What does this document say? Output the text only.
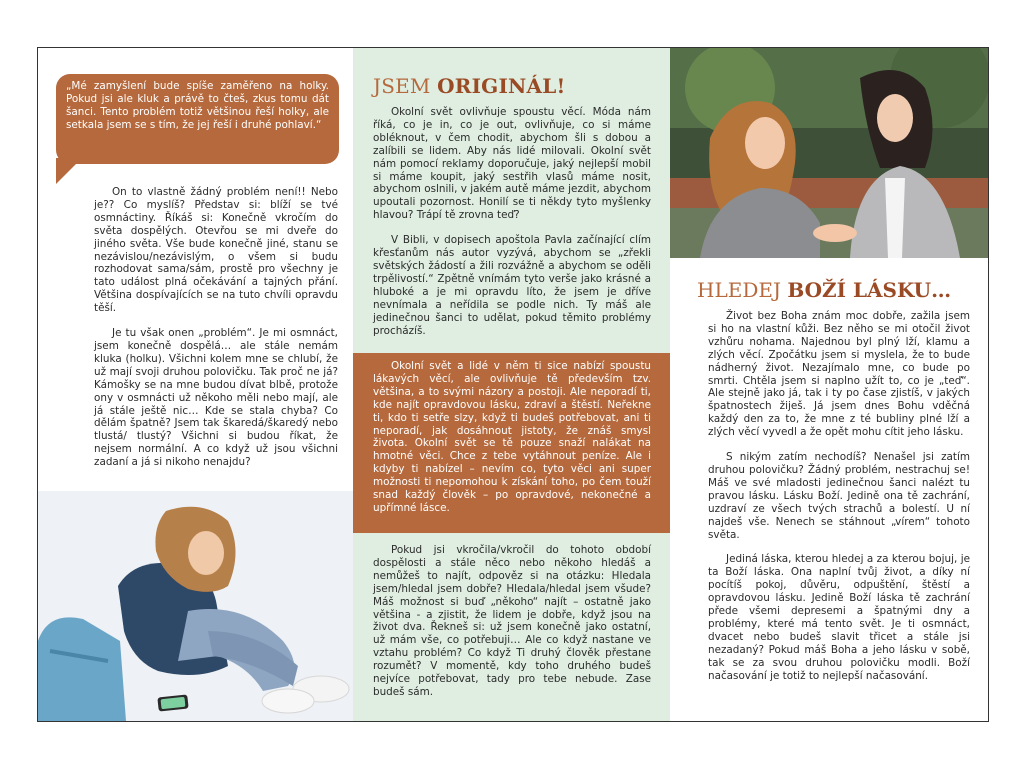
„Mé zamyšlení bude spíše zaměřeno na holky. Pokud jsi ale kluk a právě to čteš, zkus tomu dát šanci. Tento problém totiž většinou řeší holky, ale setkala jsem se s tím, že jej řeší i druhé pohlaví.“

On to vlastně žádný problém není!! Nebo je?? Co myslíš? Představ si: blíží se tvé osmnáctiny. Říkáš si: Konečně vkročím do světa dospělých. Otevřou se mi dveře do jiného světa. Vše bude konečně jiné, stanu se nezávislou/nezávislým, o všem si budu rozhodovat sama/sám, prostě pro všechny je tato událost plná očekávání a tajných přání. Většina dospívajících se na tuto chvíli opravdu těší.

Je tu však onen „problém“. Je mi osmnáct, jsem konečně dospělá… ale stále nemám kluka (holku). Všichni kolem mne se chlubí, že už mají svoji druhou polovičku. Tak proč ne já? Kámošky se na mne budou dívat blbě, protože ony v osmnácti už někoho měli nebo mají, ale já stále ještě nic… Kde se stala chyba? Co dělám špatně? Jsem tak škaredá/škaredý nebo tlustá/ tlustý? Všichni si budou říkat, že nejsem normální. A co když už jsou všichni zadaní a já si nikoho nenajdu?

JSEM ORIGINÁL!

Okolní svět ovlivňuje spoustu věcí. Móda nám říká, co je in, co je out, ovlivňuje, co si máme obléknout, v čem chodit, abychom šli s dobou a zalíbili se lidem. Aby nás lidé milovali. Okolní svět nám pomocí reklamy doporučuje, jaký nejlepší mobil si máme koupit, jaký sestřih vlasů máme nosit, abychom oslnili, v jakém autě máme jezdit, abychom upoutali pozornost. Honilí se ti někdy tyto myšlenky hlavou? Trápí tě zrovna teď?

V Bibli, v dopisech apoštola Pavla začínající clím křesťanům nás autor vyzývá, abychom se „zřekli světských žádostí a žili rozvážně a abychom se oděli trpělivostí.“ Zpětně vnímám tyto verše jako krásné a hluboké a je mi opravdu líto, že jsem je dříve nevnímala a neřídila se podle nich. Ty máš ale jedinečnou šanci to udělat, pokud těmito problémy procházíš.

Okolní svět a lidé v něm ti sice nabízí spoustu lákavých věcí, ale ovlivňuje tě především tzv. většina, a to svými názory a postoji. Ale neporadí ti, kde najít opravdovou lásku, zdraví a štěstí. Neřekne ti, kdo ti setře slzy, když ti budeš potřebovat, ani ti neporadí, jak dosáhnout jistoty, že znáš smysl života. Okolní svět se tě pouze snaží nalákat na hmotné věci. Chce z tebe vytáhnout peníze. Ale i kdyby ti nabízel – nevím co, tyto věci ani super možnosti ti nepomohou k získání toho, po čem touží snad každý člověk – po opravdové, nekonečné a upřímné lásce.

Pokud jsi vkročila/vkročil do tohoto období dospělosti a stále něco nebo někoho hledáš a nemůžeš to najít, odpověz si na otázku: Hledala jsem/hledal jsem dobře? Hledala/hledal jsem všude? Máš možnost si buď „někoho“ najít – ostatně jako většina - a zjistit, že lidem je dobře, když jsou na život dva. Řekneš si: už jsem konečně jako ostatní, už mám vše, co potřebuji… Ale co když nastane ve vztahu problém? Co když Ti druhý člověk přestane rozumět? V momentě, kdy toho druhého budeš nejvíce potřebovat, tady pro tebe nebude. Zase budeš sám.

HLEDEJ BOŽÍ LÁSKU…

Život bez Boha znám moc dobře, zažila jsem si ho na vlastní kůži. Bez něho se mi otočil život vzhůru nohama. Najednou byl plný lží, klamu a zlých věcí. Zpočátku jsem si myslela, že to bude nádherný život. Nezajímalo mne, co bude po smrti. Chtěla jsem si naplno užít to, co je „teď“. Ale stejně jako já, tak i ty po čase zjistíš, v jakých špatnostech žiješ. Já jsem dnes Bohu vděčná každý den za to, že mne z té bubliny plné lží a zlých věcí vyvedl a že opět mohu cítit jeho lásku.

S nikým zatím nechodíš? Nenašel jsi zatím druhou polovičku? Žádný problém, nestrachuj se! Máš ve své mladosti jedinečnou šanci nalézt tu pravou lásku. Lásku Boží. Jedině ona tě zachrání, uzdraví ze všech tvých strachů a bolestí. U ní najdeš vše. Nenech se stáhnout „vírem“ tohoto světa.

Jediná láska, kterou hledej a za kterou bojuj, je ta Boží láska. Ona naplní tvůj život, a díky ní pocítíš pokoj, důvěru, odpuštění, štěstí a opravdovou lásku. Jedině Boží láska tě zachrání předе všemi depresemi a špatnými dny a problémy, které má tento svět. Je ti osmnáct, dvacet nebo budeš slavit třicet a stále jsi nezadaný? Pokud máš Boha a jeho lásku v sobě, tak se za svou druhou polovičku modli. Boží načasování je totiž to nejlepší načasování.
